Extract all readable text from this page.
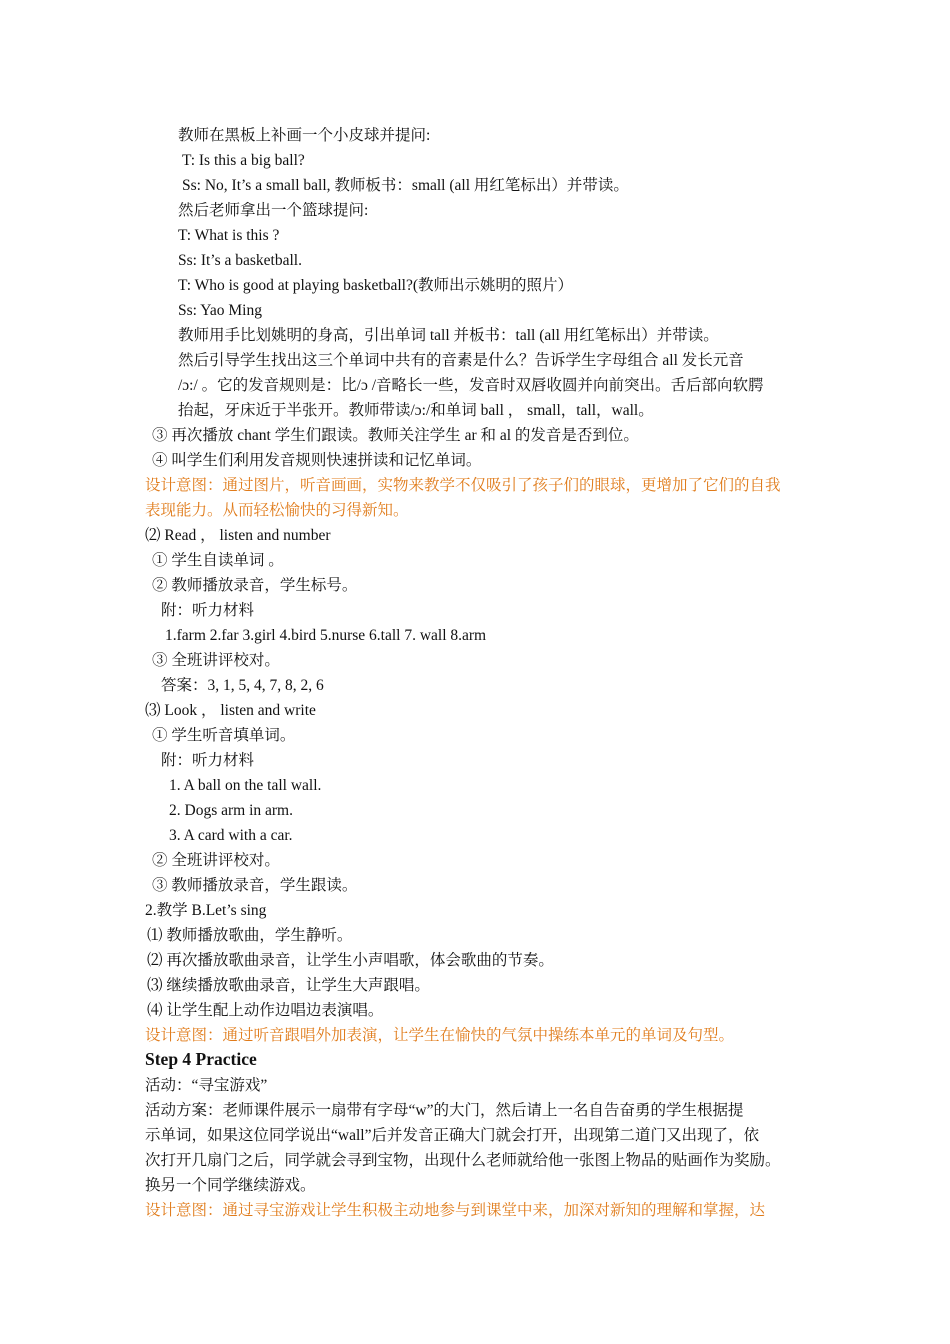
教师在黑板上补画一个小皮球并提问:
T: Is this a big ball?
Ss: No, It’s a small ball, 教师板书：small (all 用红笔标出）并带读。
然后老师拿出一个篮球提问:
T: What is this ?
Ss: It’s a basketball.
T: Who is good at playing basketball?(教师出示姚明的照片）
Ss: Yao Ming
教师用手比划姚明的身高，引出单词 tall 并板书：tall (all 用红笔标出）并带读。
然后引导学生找出这三个单词中共有的音素是什么？告诉学生字母组合 all 发长元音
/ɔ:/ 。它的发音规则是：比/ɔ /音略长一些，发音时双唇收圆并向前突出。舌后部向软腭
抬起，牙床近于半张开。教师带读/ɔ:/和单词 ball ， small，tall，wall。
③ 再次播放 chant 学生们跟读。教师关注学生 ar 和 al 的发音是否到位。
④ 叫学生们利用发音规则快速拼读和记忆单词。
设计意图：通过图片，听音画画，实物来教学不仅吸引了孩子们的眼球，更增加了它们的自我
表现能力。从而轻松愉快的习得新知。
⑵ Read ， listen and number
① 学生自读单词 。
② 教师播放录音，学生标号。
附：听力材料
1.farm 2.far 3.girl 4.bird 5.nurse 6.tall 7. wall 8.arm
③ 全班讲评校对。
答案：3, 1, 5, 4, 7, 8, 2, 6
⑶ Look ， listen and write
① 学生听音填单词。
附：听力材料
1. A ball on the tall wall.
2. Dogs arm in arm.
3. A card with a car.
② 全班讲评校对。
③ 教师播放录音，学生跟读。
2.教学 B.Let’s sing
⑴ 教师播放歌曲，学生静听。
⑵ 再次播放歌曲录音，让学生小声唱歌，体会歌曲的节奏。
⑶ 继续播放歌曲录音，让学生大声跟唱。
⑷ 让学生配上动作边唱边表演唱。
设计意图：通过听音跟唱外加表演，让学生在愉快的气氛中操练本单元的单词及句型。
Step 4 Practice
活动：“寻宝游戏”
活动方案：老师课件展示一扇带有字母“w”的大门，然后请上一名自告奋勇的学生根据提
示单词，如果这位同学说出“wall”后并发音正确大门就会打开，出现第二道门又出现了，依
次打开几扇门之后，同学就会寻到宝物，出现什么老师就给他一张图上物品的贴画作为奖励。
换另一个同学继续游戏。
设计意图：通过寻宝游戏让学生积极主动地参与到课堂中来，加深对新知的理解和掌握，达
